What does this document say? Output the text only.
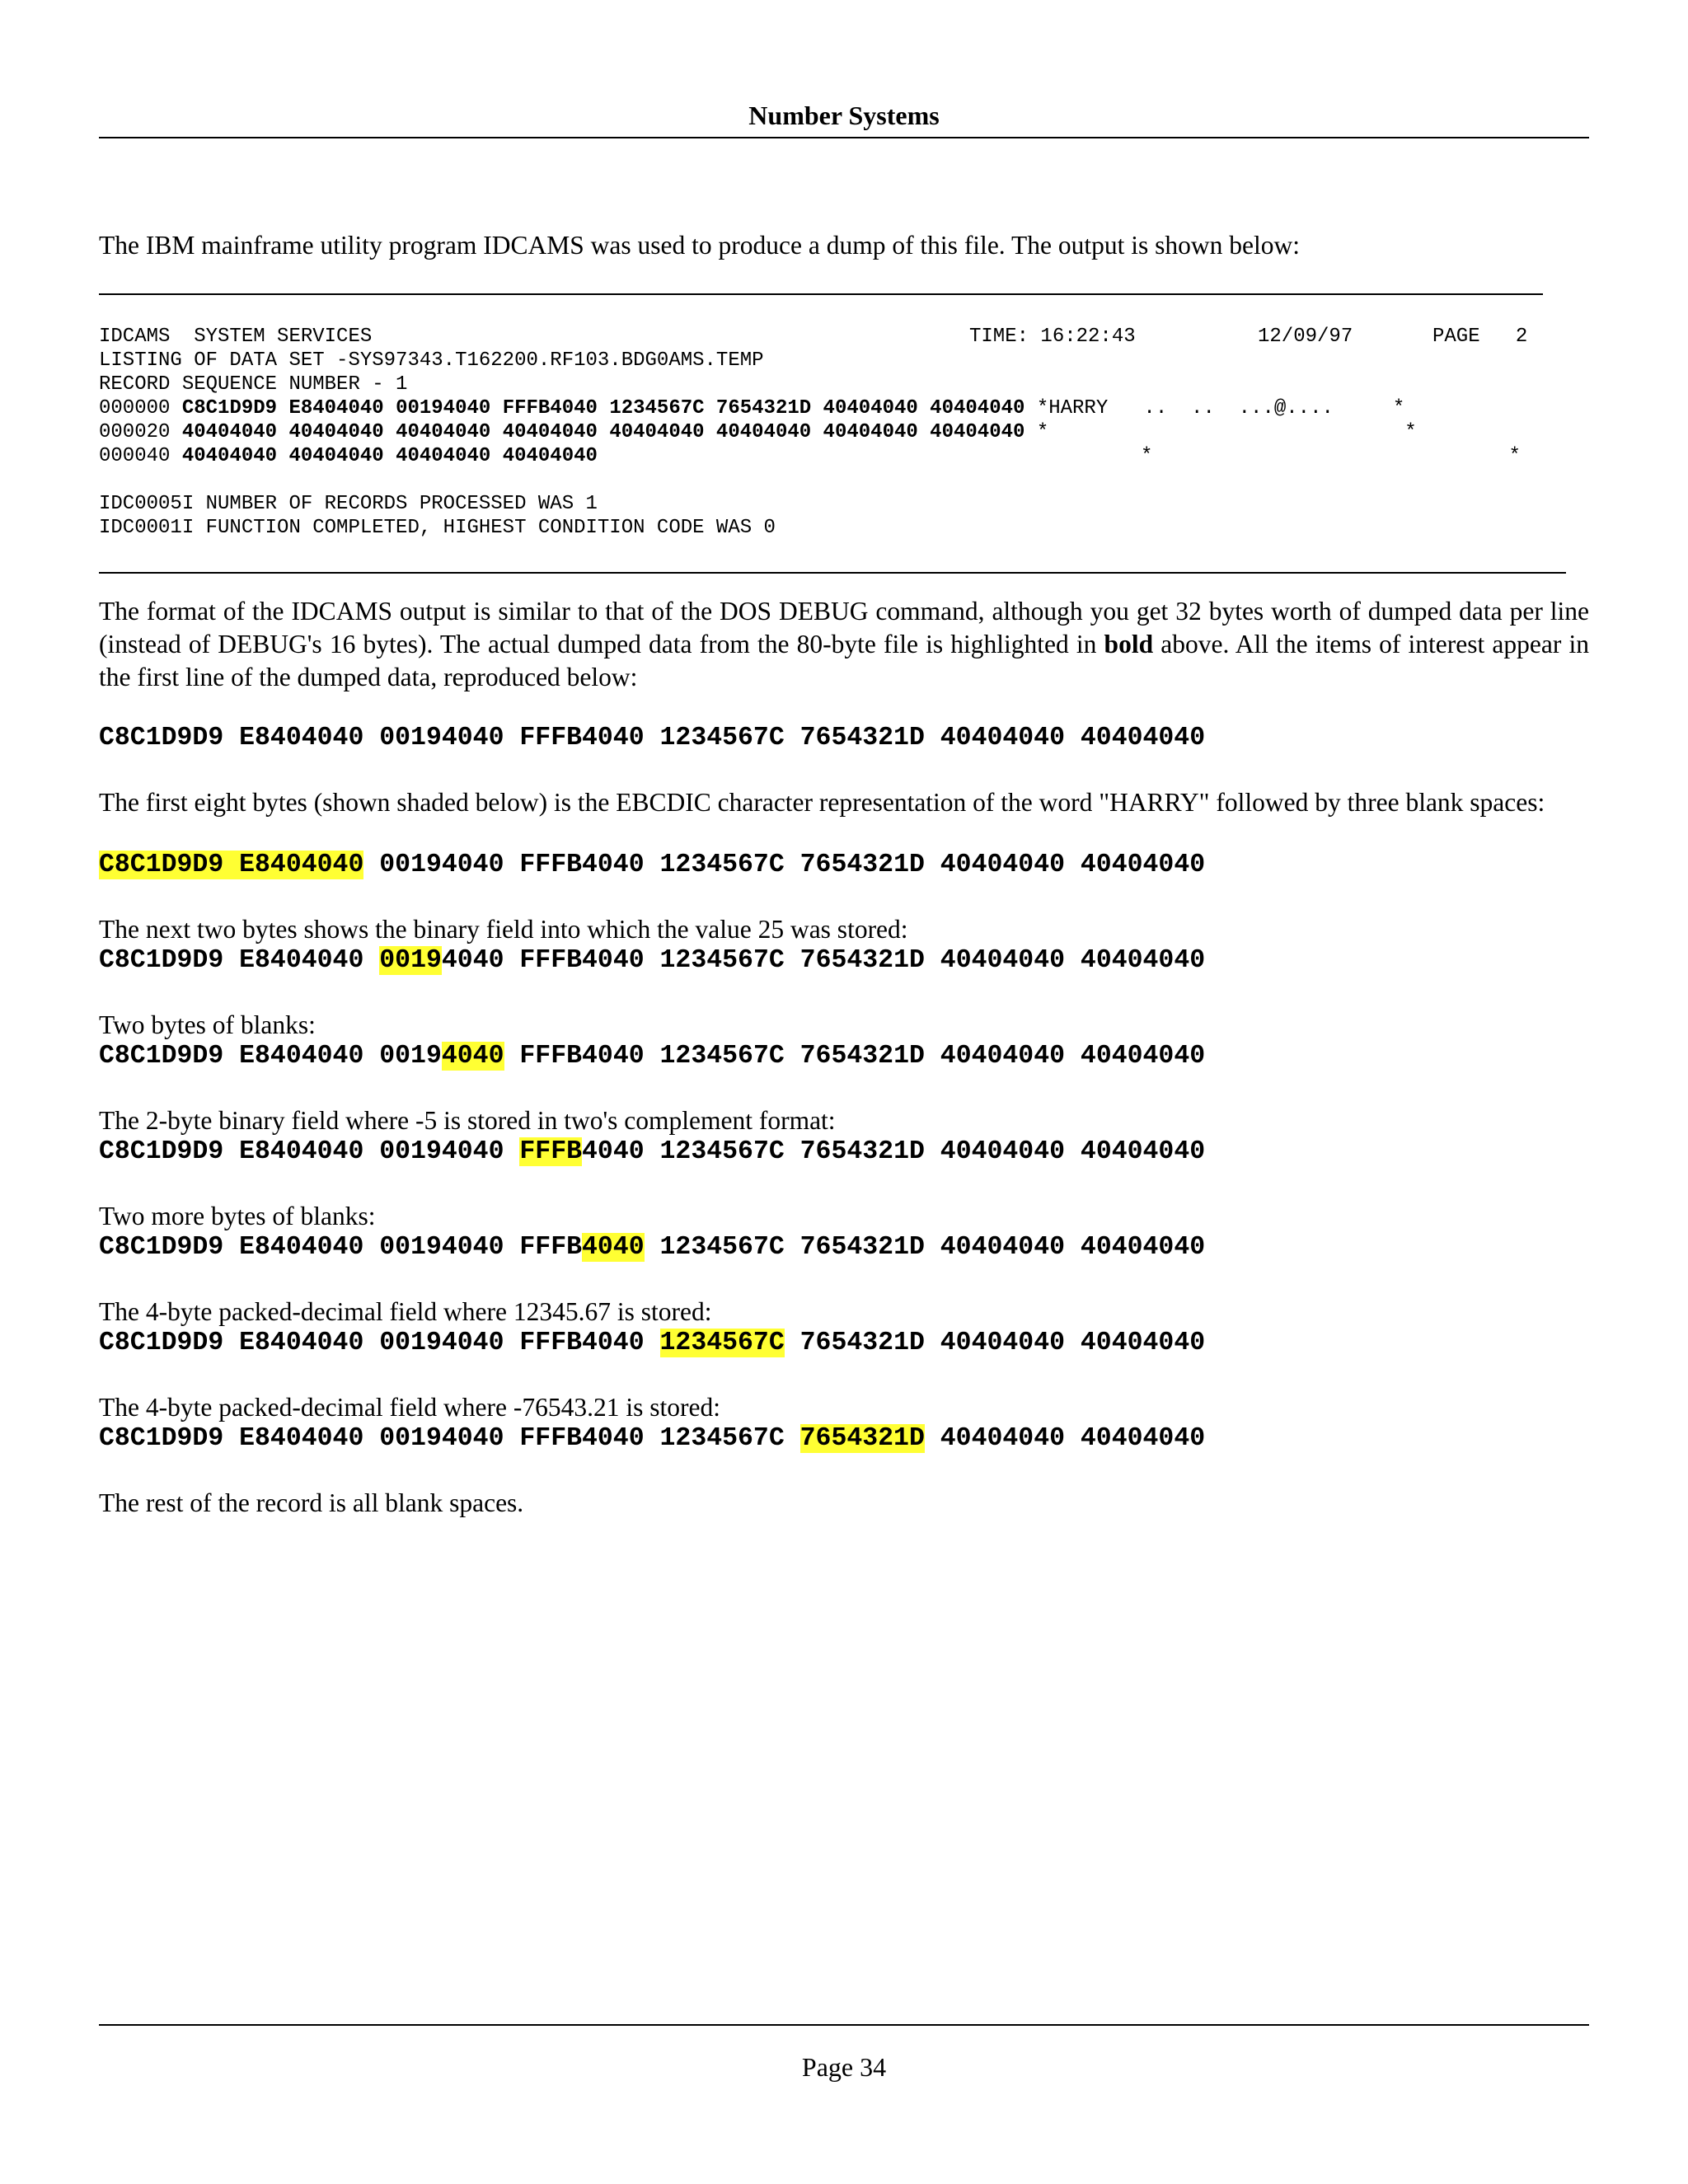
Number Systems
The IBM mainframe utility program IDCAMS was used to produce a dump of this file. The output is shown below:
IDCAMS  SYSTEM SERVICES	TIME: 16:22:43	12/09/97	PAGE   2
LISTING OF DATA SET -SYS97343.T162200.RF103.BDG0AMS.TEMP
RECORD SEQUENCE NUMBER - 1
000000 C8C1D9D9 E8404040 00194040 FFFB4040 1234567C 7654321D 40404040 40404040 *HARRY   ..  ..  ...@....     *
000020 40404040 40404040 40404040 40404040 40404040 40404040 40404040 40404040 *                              *
000040 40404040 40404040 40404040 40404040	*                              *
IDC0005I NUMBER OF RECORDS PROCESSED WAS 1
IDC0001I FUNCTION COMPLETED, HIGHEST CONDITION CODE WAS 0
The format of the IDCAMS output is similar to that of the DOS DEBUG command, although you get 32 bytes worth of dumped data per line (instead of DEBUG's 16 bytes). The actual dumped data from the 80-byte file is highlighted in bold above. All the items of interest appear in the first line of the dumped data, reproduced below:
C8C1D9D9 E8404040 00194040 FFFB4040 1234567C 7654321D 40404040 40404040
The first eight bytes (shown shaded below) is the EBCDIC character representation of the word "HARRY" followed by three blank spaces:
C8C1D9D9 E8404040 00194040 FFFB4040 1234567C 7654321D 40404040 40404040
The next two bytes shows the binary field into which the value 25 was stored:
C8C1D9D9 E8404040 00194040 FFFB4040 1234567C 7654321D 40404040 40404040
Two bytes of blanks:
C8C1D9D9 E8404040 00194040 FFFB4040 1234567C 7654321D 40404040 40404040
The 2-byte binary field where -5 is stored in two's complement format:
C8C1D9D9 E8404040 00194040 FFFB4040 1234567C 7654321D 40404040 40404040
Two more bytes of blanks:
C8C1D9D9 E8404040 00194040 FFFB4040 1234567C 7654321D 40404040 40404040
The 4-byte packed-decimal field where 12345.67 is stored:
C8C1D9D9 E8404040 00194040 FFFB4040 1234567C 7654321D 40404040 40404040
The 4-byte packed-decimal field where -76543.21 is stored:
C8C1D9D9 E8404040 00194040 FFFB4040 1234567C 7654321D 40404040 40404040
The rest of the record is all blank spaces.
Page 34
